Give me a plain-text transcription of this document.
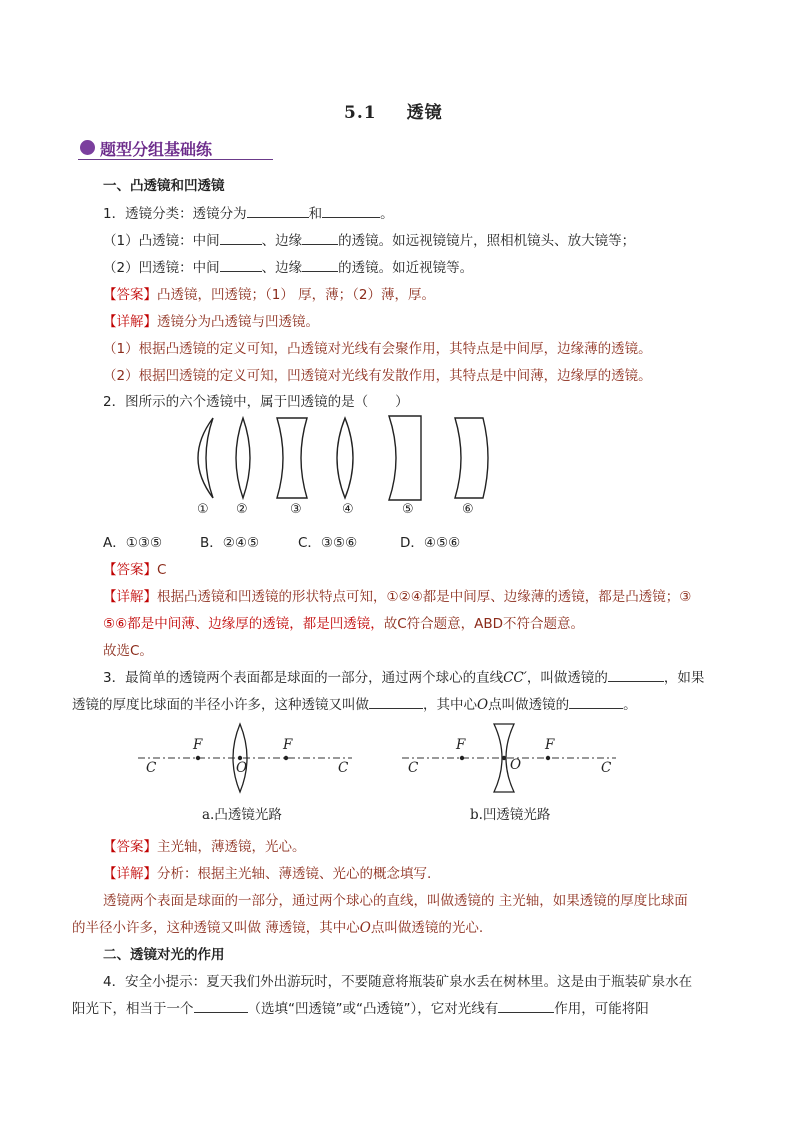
5.1 透镜
题型分组基础练
一、凸透镜和凹透镜
1．透镜分类：透镜分为	和	。
（1）凸透镜：中间	、边缘	的透镜。如远视镜镜片，照相机镜头、放大镜等；
（2）凹透镜：中间	、边缘	的透镜。如近视镜等。
【答案】凸透镜，凹透镜；（1） 厚，薄；（2）薄，厚。
【详解】透镜分为凸透镜与凹透镜。
（1）根据凸透镜的定义可知，凸透镜对光线有会聚作用，其特点是中间厚，边缘薄的透镜。
（2）根据凹透镜的定义可知，凹透镜对光线有发散作用，其特点是中间薄，边缘厚的透镜。
2．图所示的六个透镜中，属于凹透镜的是（　　）
① ②	③	④	⑤	⑥
A．①③⑤	B．②④⑤	C．③⑤⑥	D．④⑤⑥
【答案】C
【详解】根据凸透镜和凹透镜的形状特点可知，①②④都是中间厚、边缘薄的透镜，都是凸透镜；③
⑤⑥都是中间薄、边缘厚的透镜，都是凹透镜，故C符合题意，ABD不符合题意。
故选C。
3．最简单的透镜两个表面都是球面的一部分，通过两个球心的直线CC′，叫做透镜的	，如果
透镜的厚度比球面的半径小许多，这种透镜又叫做	，其中心O点叫做透镜的	。
F	F
C	O	C
F	F
C	O	C
a.凸透镜光路	b.凹透镜光路
【答案】主光轴，薄透镜，光心。
【详解】分析：根据主光轴、薄透镜、光心的概念填写.
透镜两个表面是球面的一部分，通过两个球心的直线，叫做透镜的 主光轴，如果透镜的厚度比球面
的半径小许多，这种透镜又叫做 薄透镜，其中心O点叫做透镜的光心.
二、透镜对光的作用
4．安全小提示：夏天我们外出游玩时，不要随意将瓶装矿泉水丢在树林里。这是由于瓶装矿泉水在
阳光下，相当于一个	（选填“凹透镜”或“凸透镜”），它对光线有	作用，可能将阳
